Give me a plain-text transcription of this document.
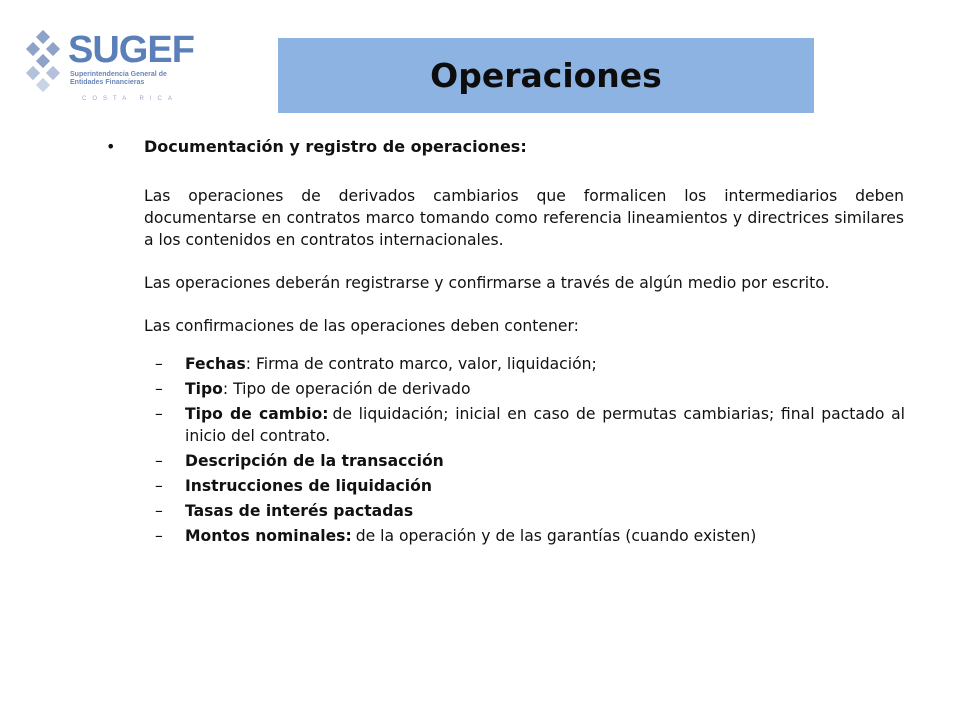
SUGEF
Superintendencia General de Entidades Financieras
COSTA RICA
Operaciones
• Documentación y registro de operaciones:

Las operaciones de derivados cambiarios que formalicen los intermediarios deben documentarse en contratos marco tomando como referencia lineamientos y directrices similares a los contenidos en contratos internacionales.

Las operaciones deberán registrarse y confirmarse a través de algún medio por escrito.

Las confirmaciones de las operaciones deben contener:

– Fechas: Firma de contrato marco, valor, liquidación;
– Tipo: Tipo de operación de derivado
– Tipo de cambio: de liquidación; inicial en caso de permutas cambiarias; final pactado al inicio del contrato.
– Descripción de la transacción
– Instrucciones de liquidación
– Tasas de interés pactadas
– Montos nominales: de la operación y de las garantías (cuando existen)
